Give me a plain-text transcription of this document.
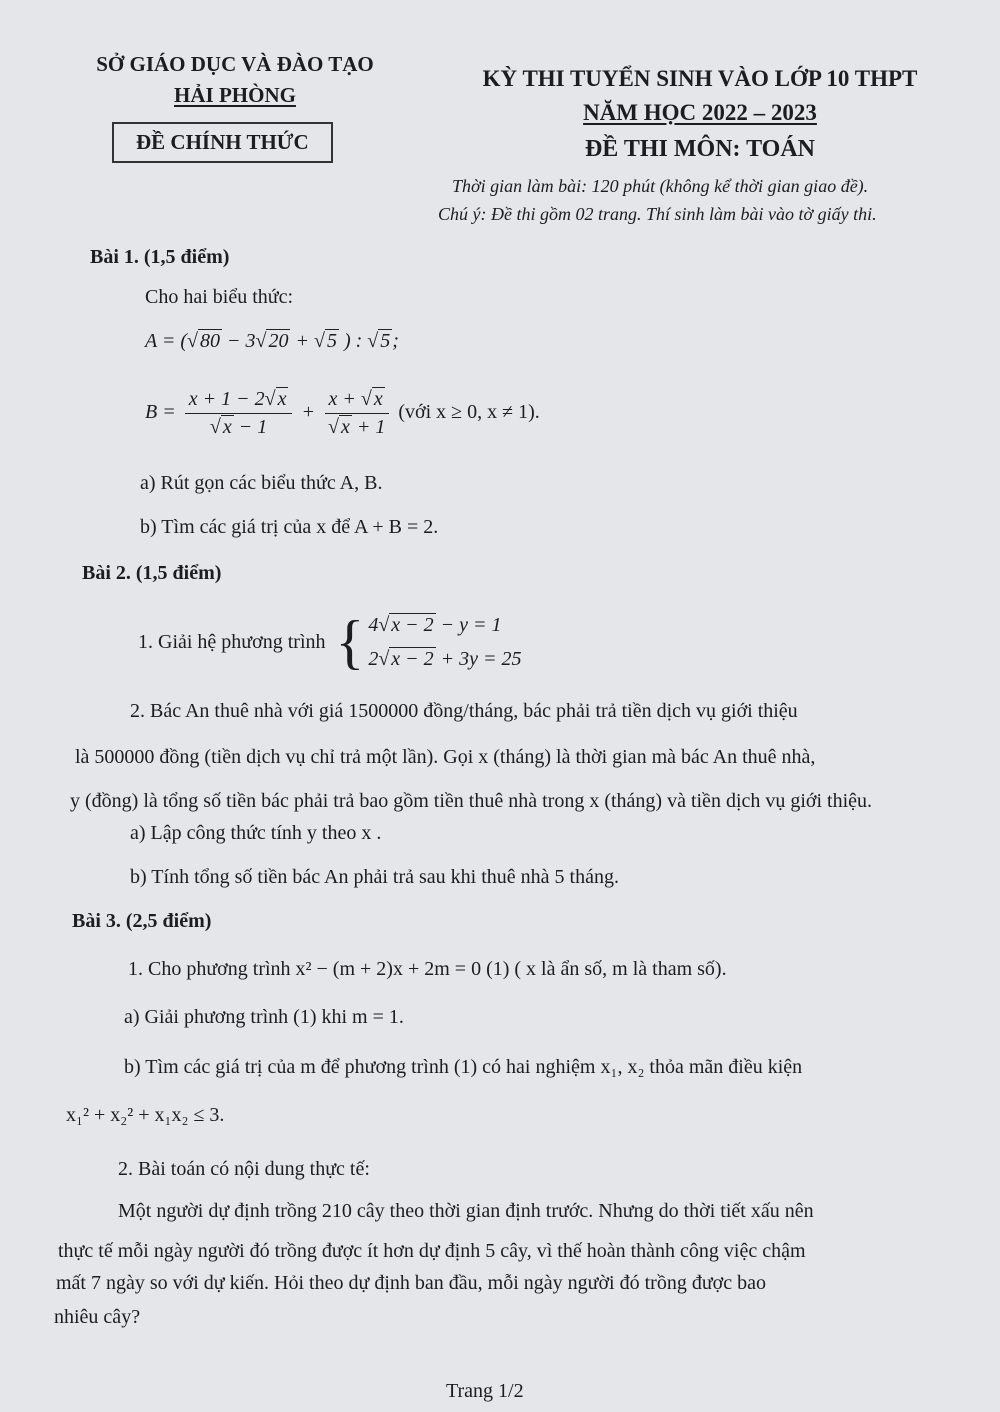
SỞ GIÁO DỤC VÀ ĐÀO TẠO
HẢI PHÒNG
ĐỀ CHÍNH THỨC
KỲ THI TUYỂN SINH VÀO LỚP 10 THPT
NĂM HỌC 2022 – 2023
ĐỀ THI MÔN: TOÁN
Thời gian làm bài: 120 phút (không kể thời gian giao đề).
Chú ý: Đề thi gồm 02 trang. Thí sinh làm bài vào tờ giấy thi.
Bài 1. (1,5 điểm)
Cho hai biểu thức:
A = (√ 80 − 3√ 20 + √ 5 ) : √ 5 ;
$B = \frac{x + 1 - 2√ x}{√ x - 1} + \frac{x + √ x}{√ x + 1}$ (với x ≥ 0, x ≠ 1).
a) Rút gọn các biểu thức A, B.
b) Tìm các giá trị của x để A + B = 2.
Bài 2. (1,5 điểm)
1. Giải hệ phương trình { 4√ x − 2 − y = 1
2√ x − 2 + 3y = 25
2. Bác An thuê nhà với giá 1500000 đồng/tháng, bác phải trả tiền dịch vụ giới thiệu
là 500000 đồng (tiền dịch vụ chỉ trả một lần). Gọi x (tháng) là thời gian mà bác An thuê nhà,
y (đồng) là tổng số tiền bác phải trả bao gồm tiền thuê nhà trong x (tháng) và tiền dịch vụ giới thiệu.
a) Lập công thức tính y theo x .
b) Tính tổng số tiền bác An phải trả sau khi thuê nhà 5 tháng.
Bài 3. (2,5 điểm)
1. Cho phương trình x² − (m + 2)x + 2m = 0 (1) ( x là ẩn số, m là tham số).
a) Giải phương trình (1) khi m = 1.
b) Tìm các giá trị của m để phương trình (1) có hai nghiệm x₁, x₂ thỏa mãn điều kiện
x₁² + x₂² + x₁x₂ ≤ 3.
2. Bài toán có nội dung thực tế:
Một người dự định trồng 210 cây theo thời gian định trước. Nhưng do thời tiết xấu nên
thực tế mỗi ngày người đó trồng được ít hơn dự định 5 cây, vì thế hoàn thành công việc chậm
mất 7 ngày so với dự kiến. Hỏi theo dự định ban đầu, mỗi ngày người đó trồng được bao
nhiêu cây?
Trang 1/2
